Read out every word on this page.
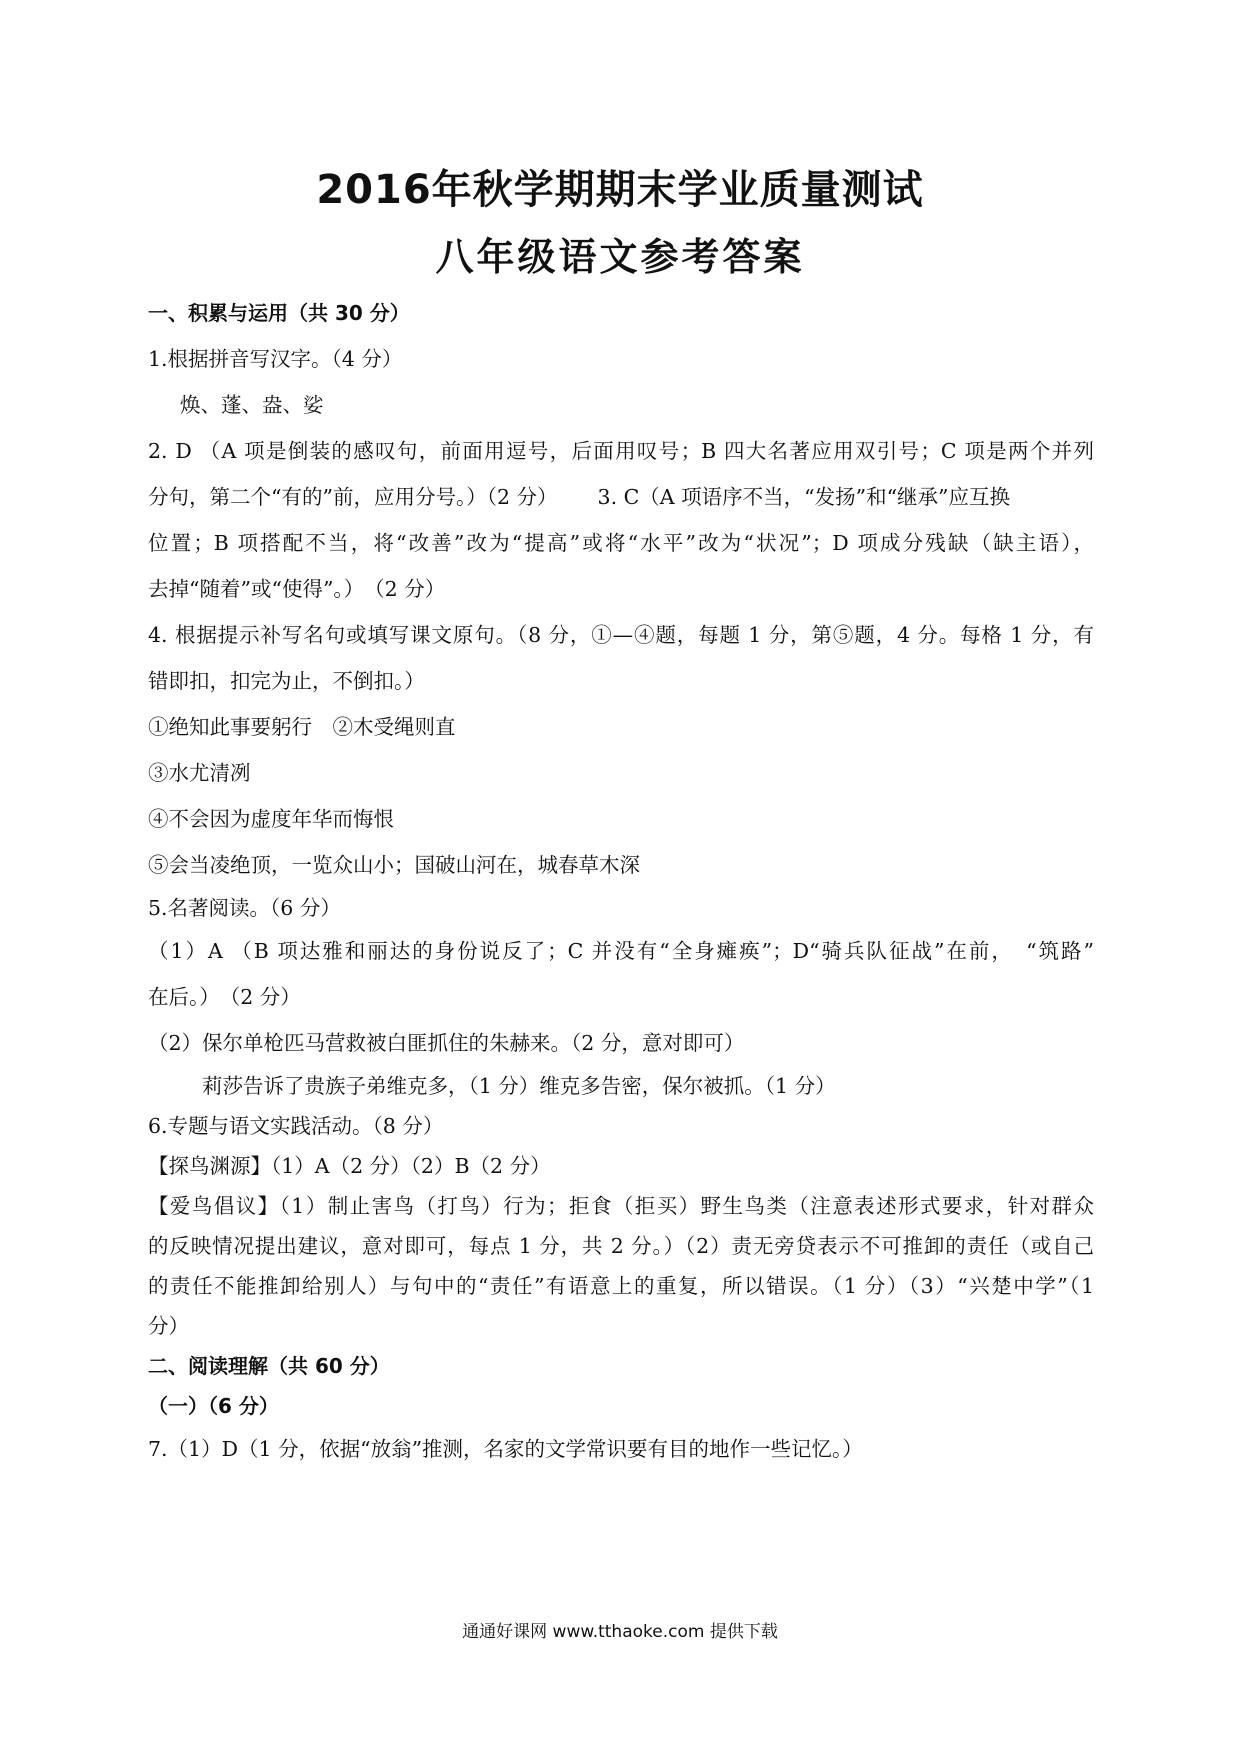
2016年秋学期期末学业质量测试
八年级语文参考答案
一、积累与运用（共 30 分）
1.根据拼音写汉字。（4 分）
焕、蓬、盎、娑
2. D （A 项是倒装的感叹句，前面用逗号，后面用叹号；B 四大名著应用双引号；C 项是两个并列
分句，第二个“有的”前，应用分号。）（2 分） 3. C（A 项语序不当，“发扬”和“继承”应互换
位置；B 项搭配不当，将“改善”改为“提高”或将“水平”改为“状况”；D 项成分残缺（缺主语），
去掉“随着”或“使得”。）　（2 分）
4. 根据提示补写名句或填写课文原句。（8 分，①—④题，每题 1 分，第⑤题，4 分。每格 1 分，有
错即扣，扣完为止，不倒扣。）
①绝知此事要躬行　②木受绳则直
③水尤清冽
④不会因为虚度年华而悔恨
⑤会当凌绝顶，一览众山小；国破山河在，城春草木深
5.名著阅读。（6 分）
（1）A （B 项达雅和丽达的身份说反了；C 并没有“全身瘫痪”；D“骑兵队征战”在前，　“筑路”
在后。）　（2 分）
（2）保尔单枪匹马营救被白匪抓住的朱赫来。（2 分，意对即可）
莉莎告诉了贵族子弟维克多，（1 分）维克多告密，保尔被抓。（1 分）
6.专题与语文实践活动。（8 分）
【探鸟渊源】（1）A（2 分）（2）B（2 分）
【爱鸟倡议】（1）制止害鸟（打鸟）行为；拒食（拒买）野生鸟类（注意表述形式要求，针对群众
的反映情况提出建议，意对即可，每点 1 分，共 2 分。）（2）责无旁贷表示不可推卸的责任（或自己
的责任不能推卸给别人）与句中的“责任”有语意上的重复，所以错误。（1 分）（3）“兴楚中学”（1
分）
二、阅读理解（共 60 分）
（一）（6 分）
7.（1）D（1 分，依据“放翁”推测，名家的文学常识要有目的地作一些记忆。）
通通好课网 www.tthaoke.com 提供下载
